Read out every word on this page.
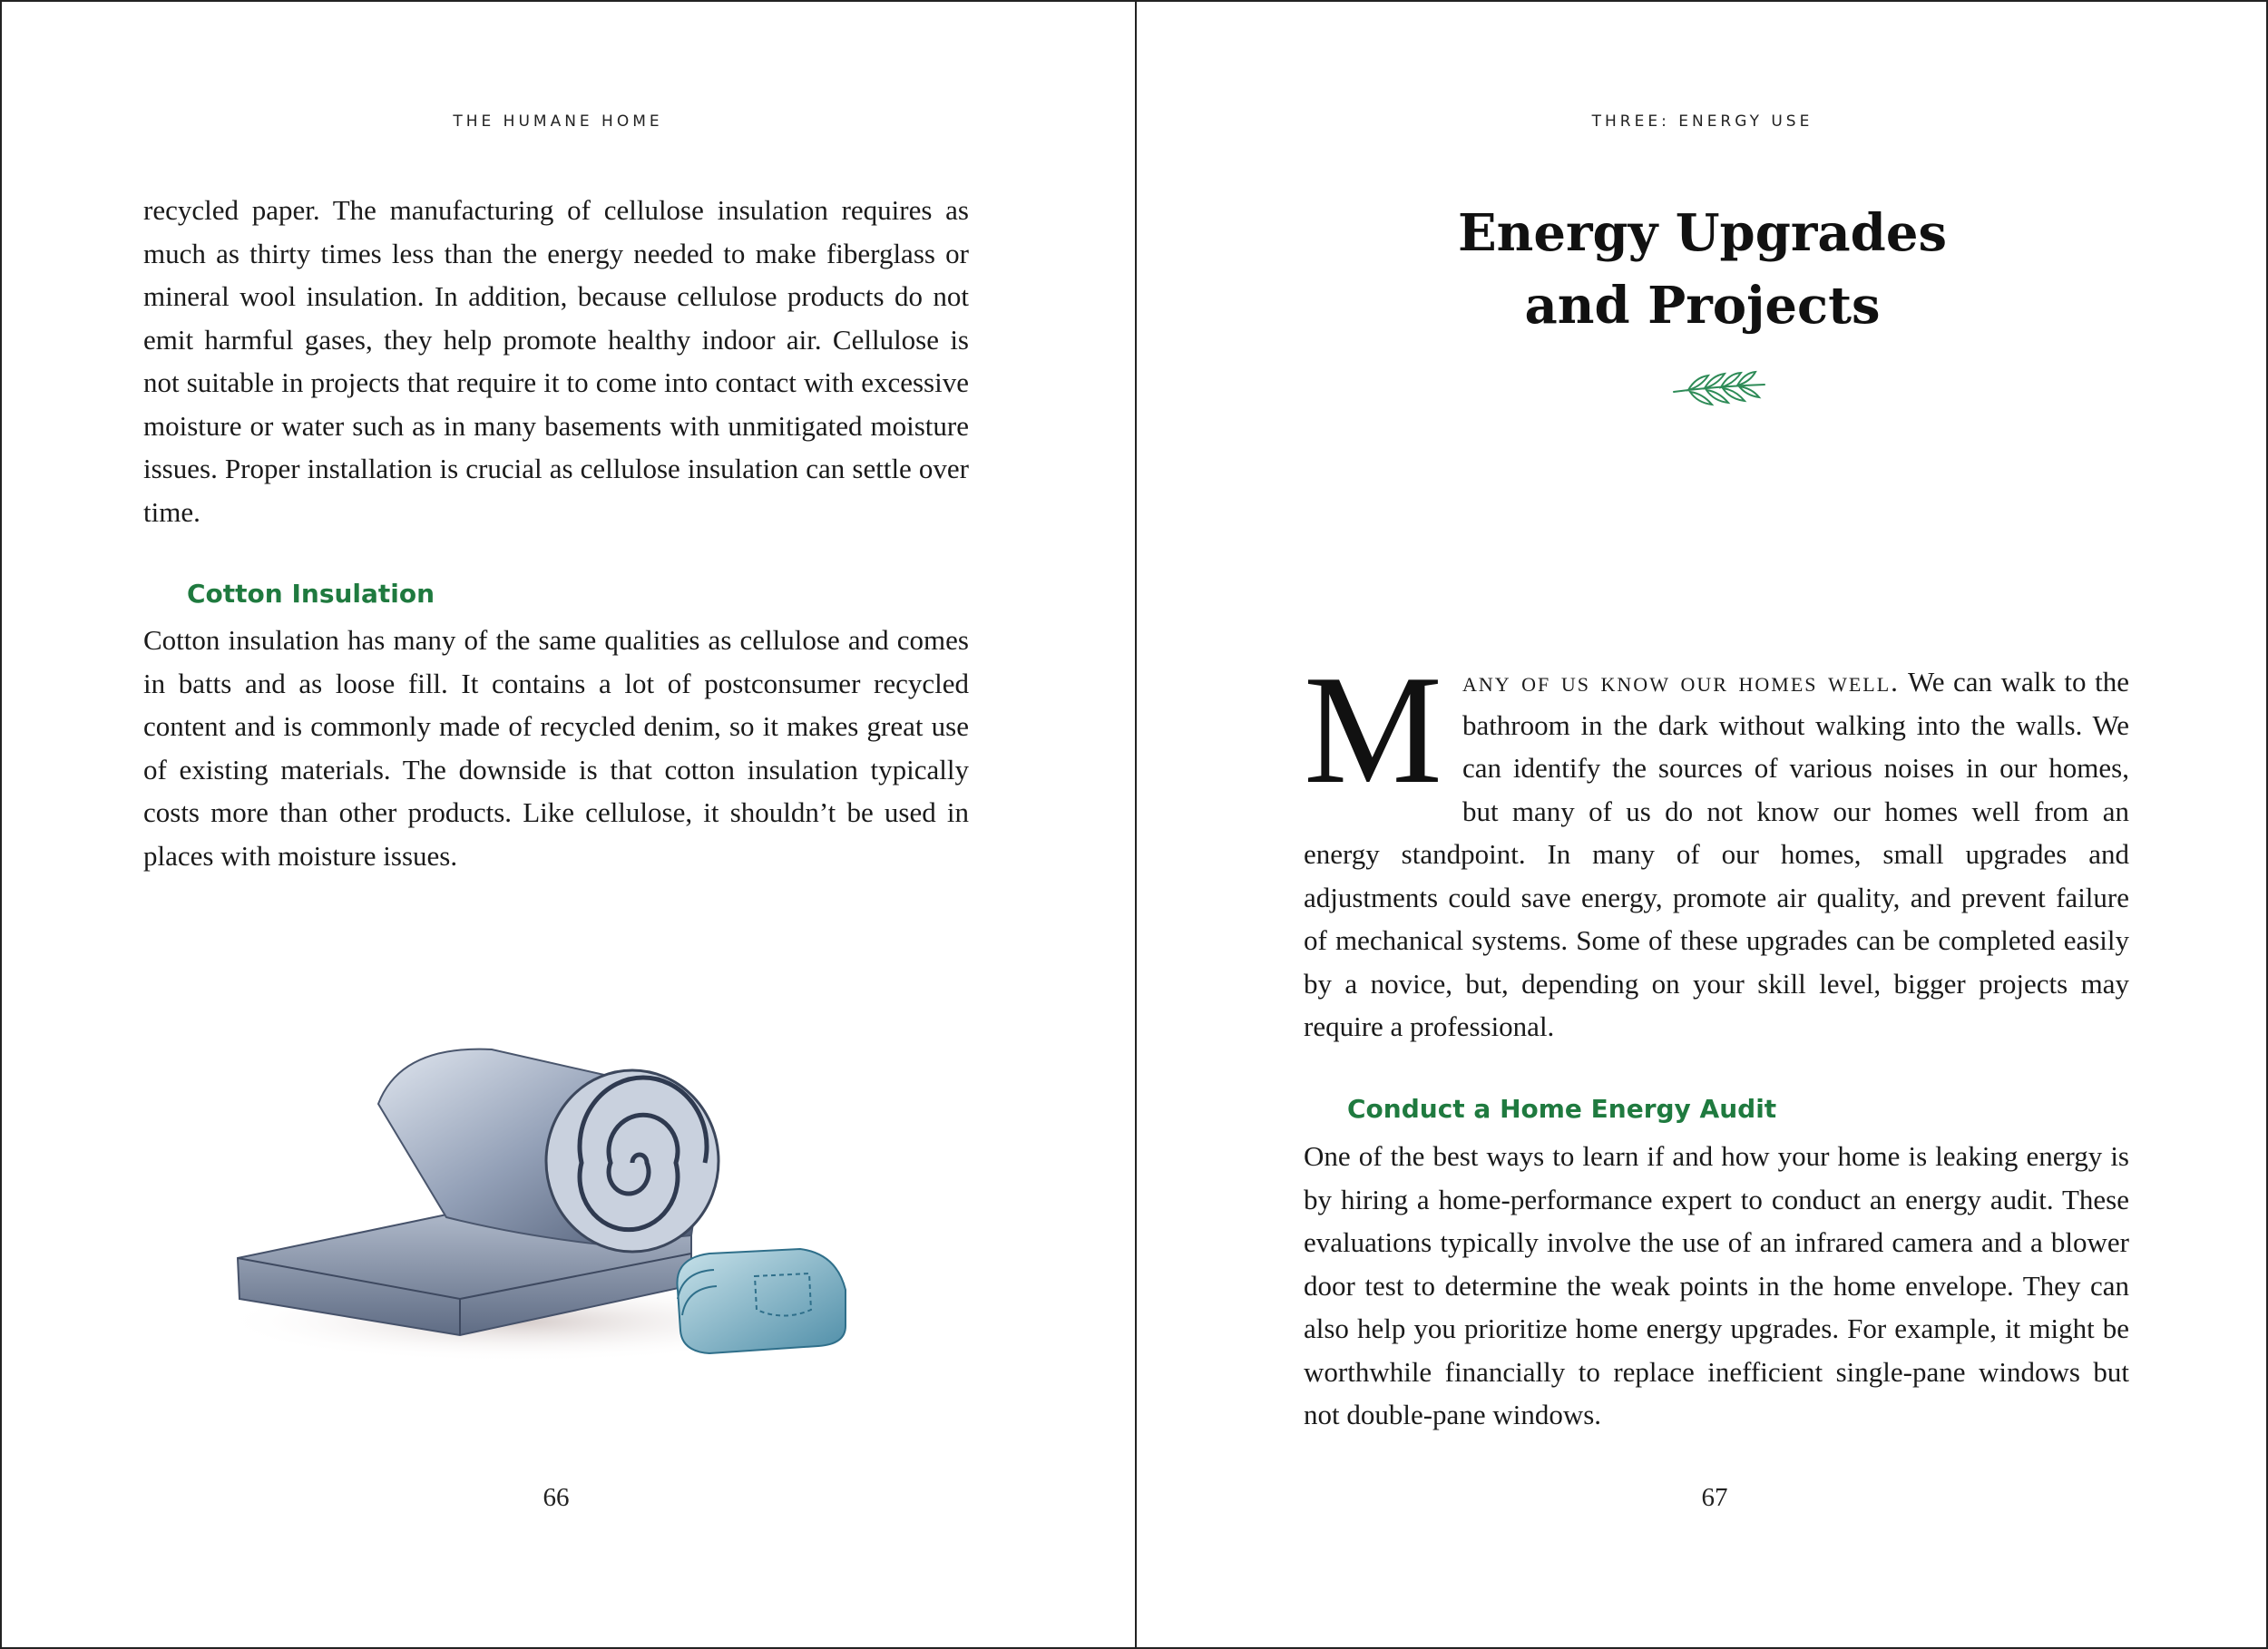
THE HUMANE HOME

recycled paper. The manufacturing of cellulose insulation requires as much as thirty times less than the energy needed to make fiberglass or mineral wool insulation. In addition, because cellulose products do not emit harmful gases, they help promote healthy indoor air. Cellulose is not suitable in projects that require it to come into contact with excessive moisture or water such as in many basements with unmitigated moisture issues. Proper installation is crucial as cellulose insulation can settle over time.

Cotton Insulation

Cotton insulation has many of the same qualities as cellulose and comes in batts and as loose fill. It contains a lot of postconsumer recycled content and is commonly made of recycled denim, so it makes great use of existing materials. The downside is that cotton insulation typically costs more than other products. Like cellulose, it shouldn’t be used in places with moisture issues.

66
THREE: ENERGY USE
Energy Upgrades
and Projects

Many of us know our homes well. We can walk to the bathroom in the dark without walking into the walls. We can identify the sources of various noises in our homes, but many of us do not know our homes well from an energy standpoint. In many of our homes, small upgrades and adjustments could save energy, promote air quality, and prevent failure of mechanical systems. Some of these upgrades can be completed easily by a novice, but, depending on your skill level, bigger projects may require a professional.

Conduct a Home Energy Audit

One of the best ways to learn if and how your home is leaking energy is by hiring a home-performance expert to conduct an energy audit. These evaluations typically involve the use of an infrared camera and a blower door test to determine the weak points in the home envelope. They can also help you prioritize home energy upgrades. For example, it might be worthwhile financially to replace inefficient single-pane windows but not double-pane windows.

67
